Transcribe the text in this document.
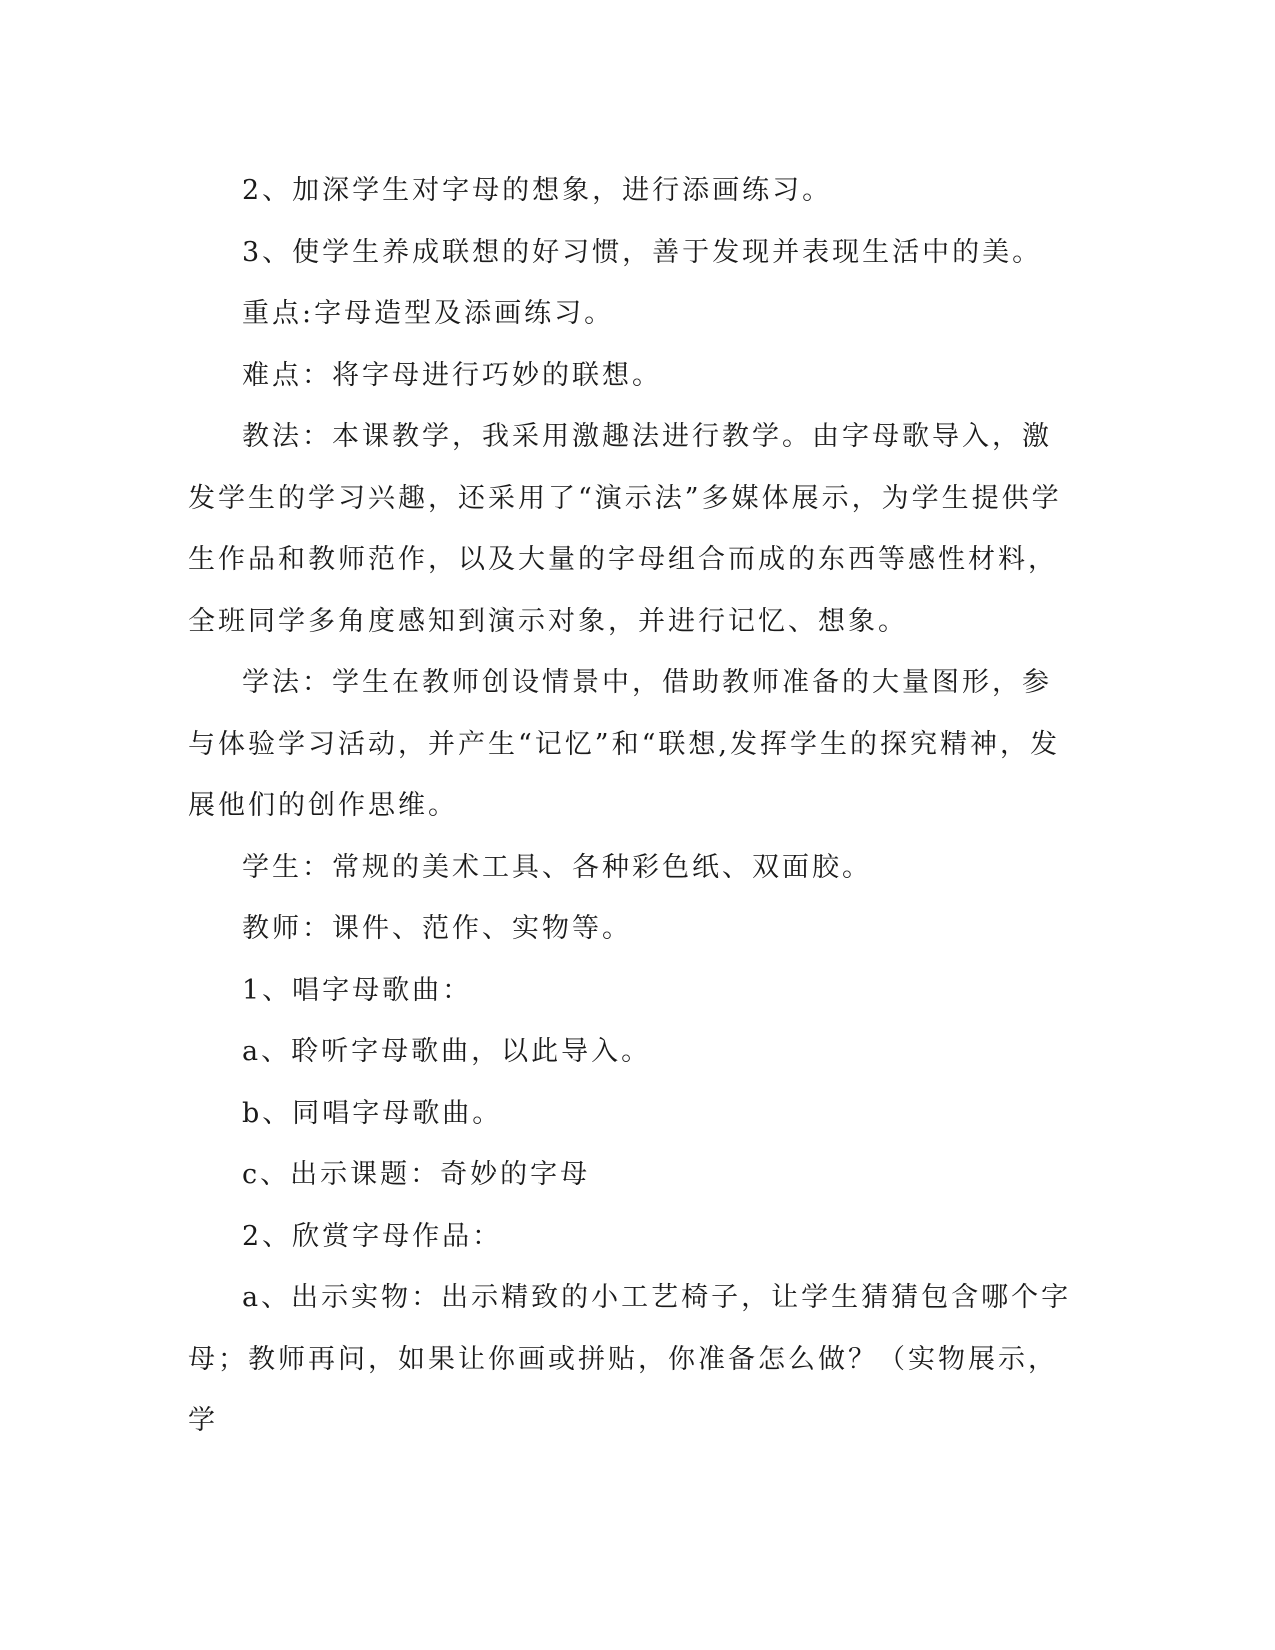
2、加深学生对字母的想象，进行添画练习。

3、使学生养成联想的好习惯，善于发现并表现生活中的美。

重点:字母造型及添画练习。

难点：将字母进行巧妙的联想。

教法：本课教学，我采用激趣法进行教学。由字母歌导入，激发学生的学习兴趣，还采用了“演示法”多媒体展示，为学生提供学生作品和教师范作，以及大量的字母组合而成的东西等感性材料，全班同学多角度感知到演示对象，并进行记忆、想象。

学法：学生在教师创设情景中，借助教师准备的大量图形，参与体验学习活动，并产生“记忆”和“联想,发挥学生的探究精神，发展他们的创作思维。

学生：常规的美术工具、各种彩色纸、双面胶。

教师：课件、范作、实物等。

1、唱字母歌曲：

a、聆听字母歌曲，以此导入。

b、同唱字母歌曲。

c、出示课题：奇妙的字母

2、欣赏字母作品：

a、出示实物：出示精致的小工艺椅子，让学生猜猜包含哪个字母；教师再问，如果让你画或拼贴，你准备怎么做？（实物展示，学
